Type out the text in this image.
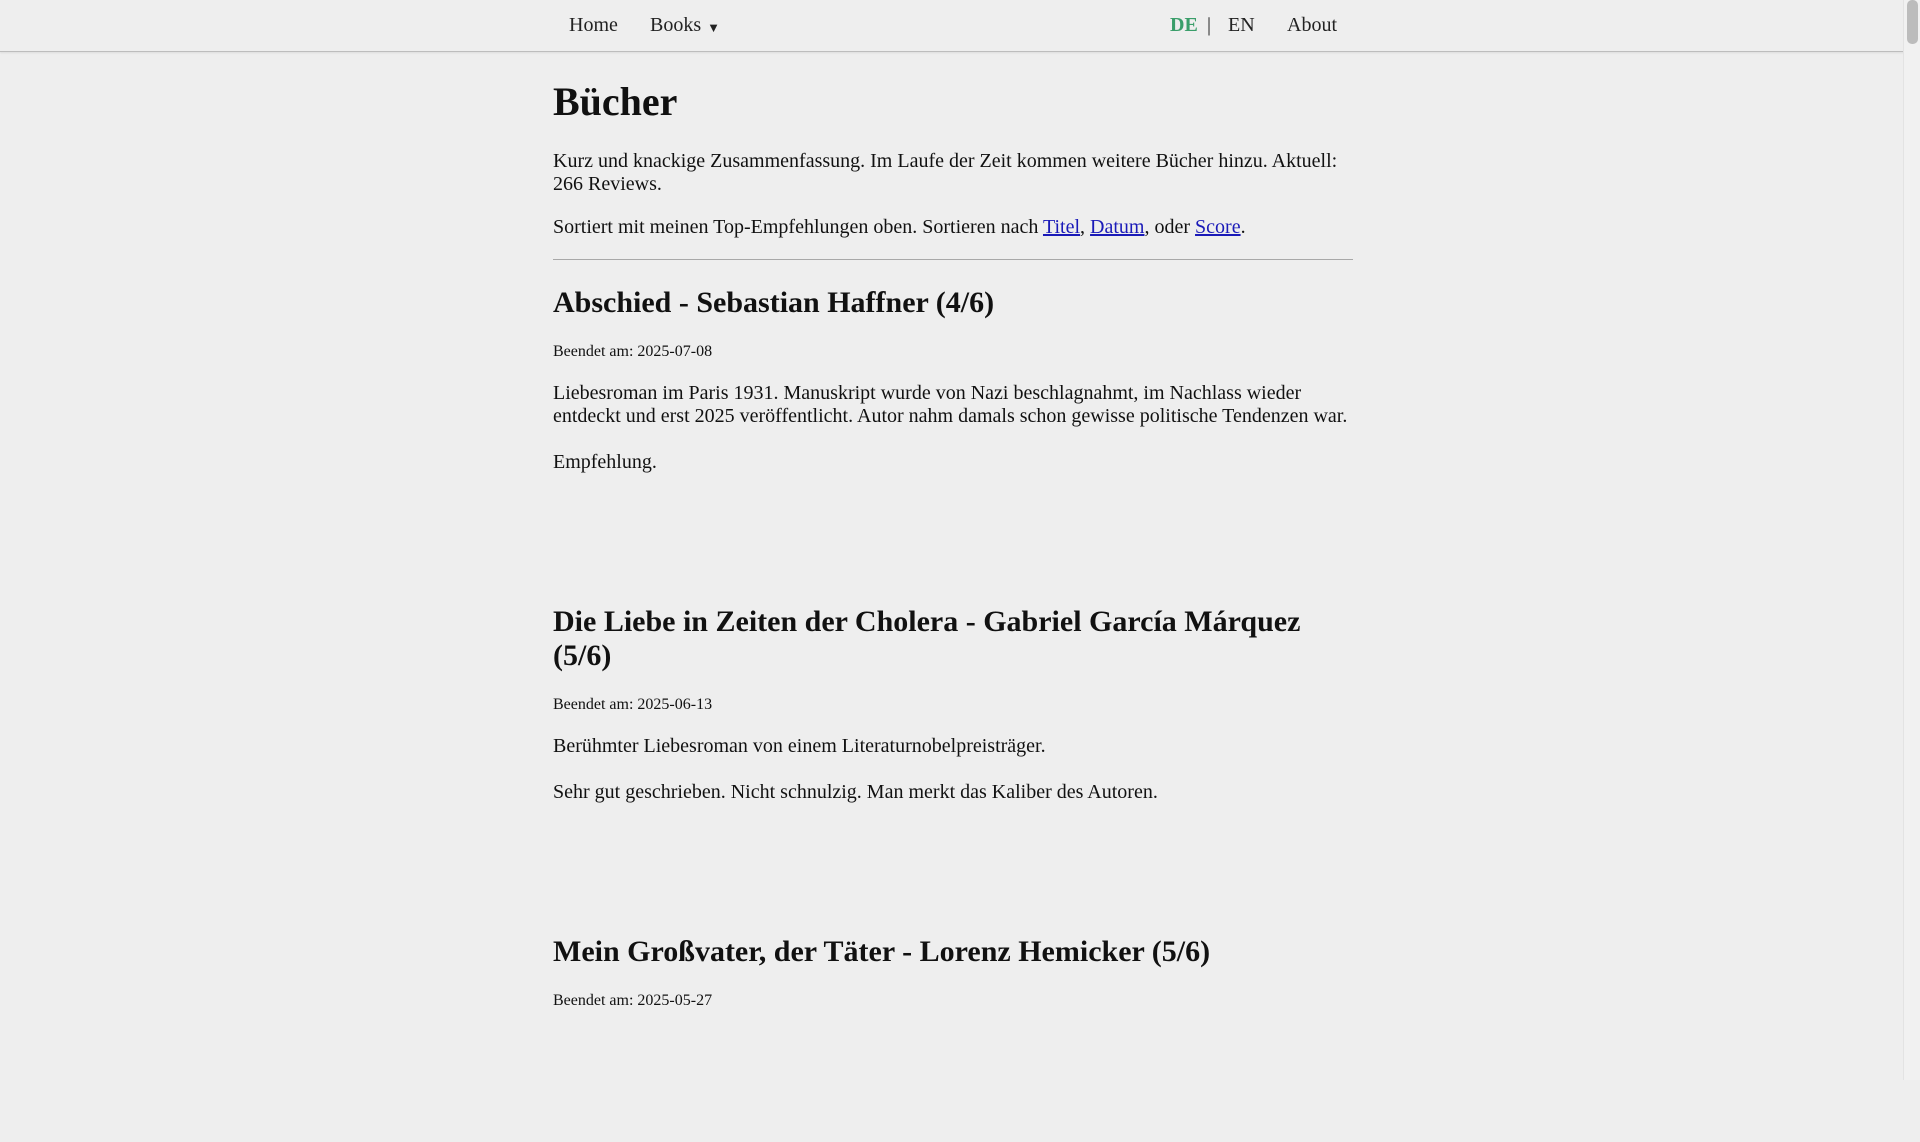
Home Books ▼	DE | EN About
Bücher

Kurz und knackige Zusammenfassung. Im Laufe der Zeit kommen weitere Bücher hinzu. Aktuell: 266 Reviews.

Sortiert mit meinen Top-Empfehlungen oben. Sortieren nach Titel, Datum, oder Score.

Abschied - Sebastian Haffner (4/6)

Beendet am: 2025-07-08

Liebesroman im Paris 1931. Manuskript wurde von Nazi beschlagnahmt, im Nachlass wieder entdeckt und erst 2025 veröffentlicht. Autor nahm damals schon gewisse politische Tendenzen war.

Empfehlung.

Die Liebe in Zeiten der Cholera - Gabriel García Márquez (5/6)

Beendet am: 2025-06-13

Berühmter Liebesroman von einem Literaturnobelpreisträger.

Sehr gut geschrieben. Nicht schnulzig. Man merkt das Kaliber des Autoren.

Mein Großvater, der Täter - Lorenz Hemicker (5/6)

Beendet am: 2025-05-27
